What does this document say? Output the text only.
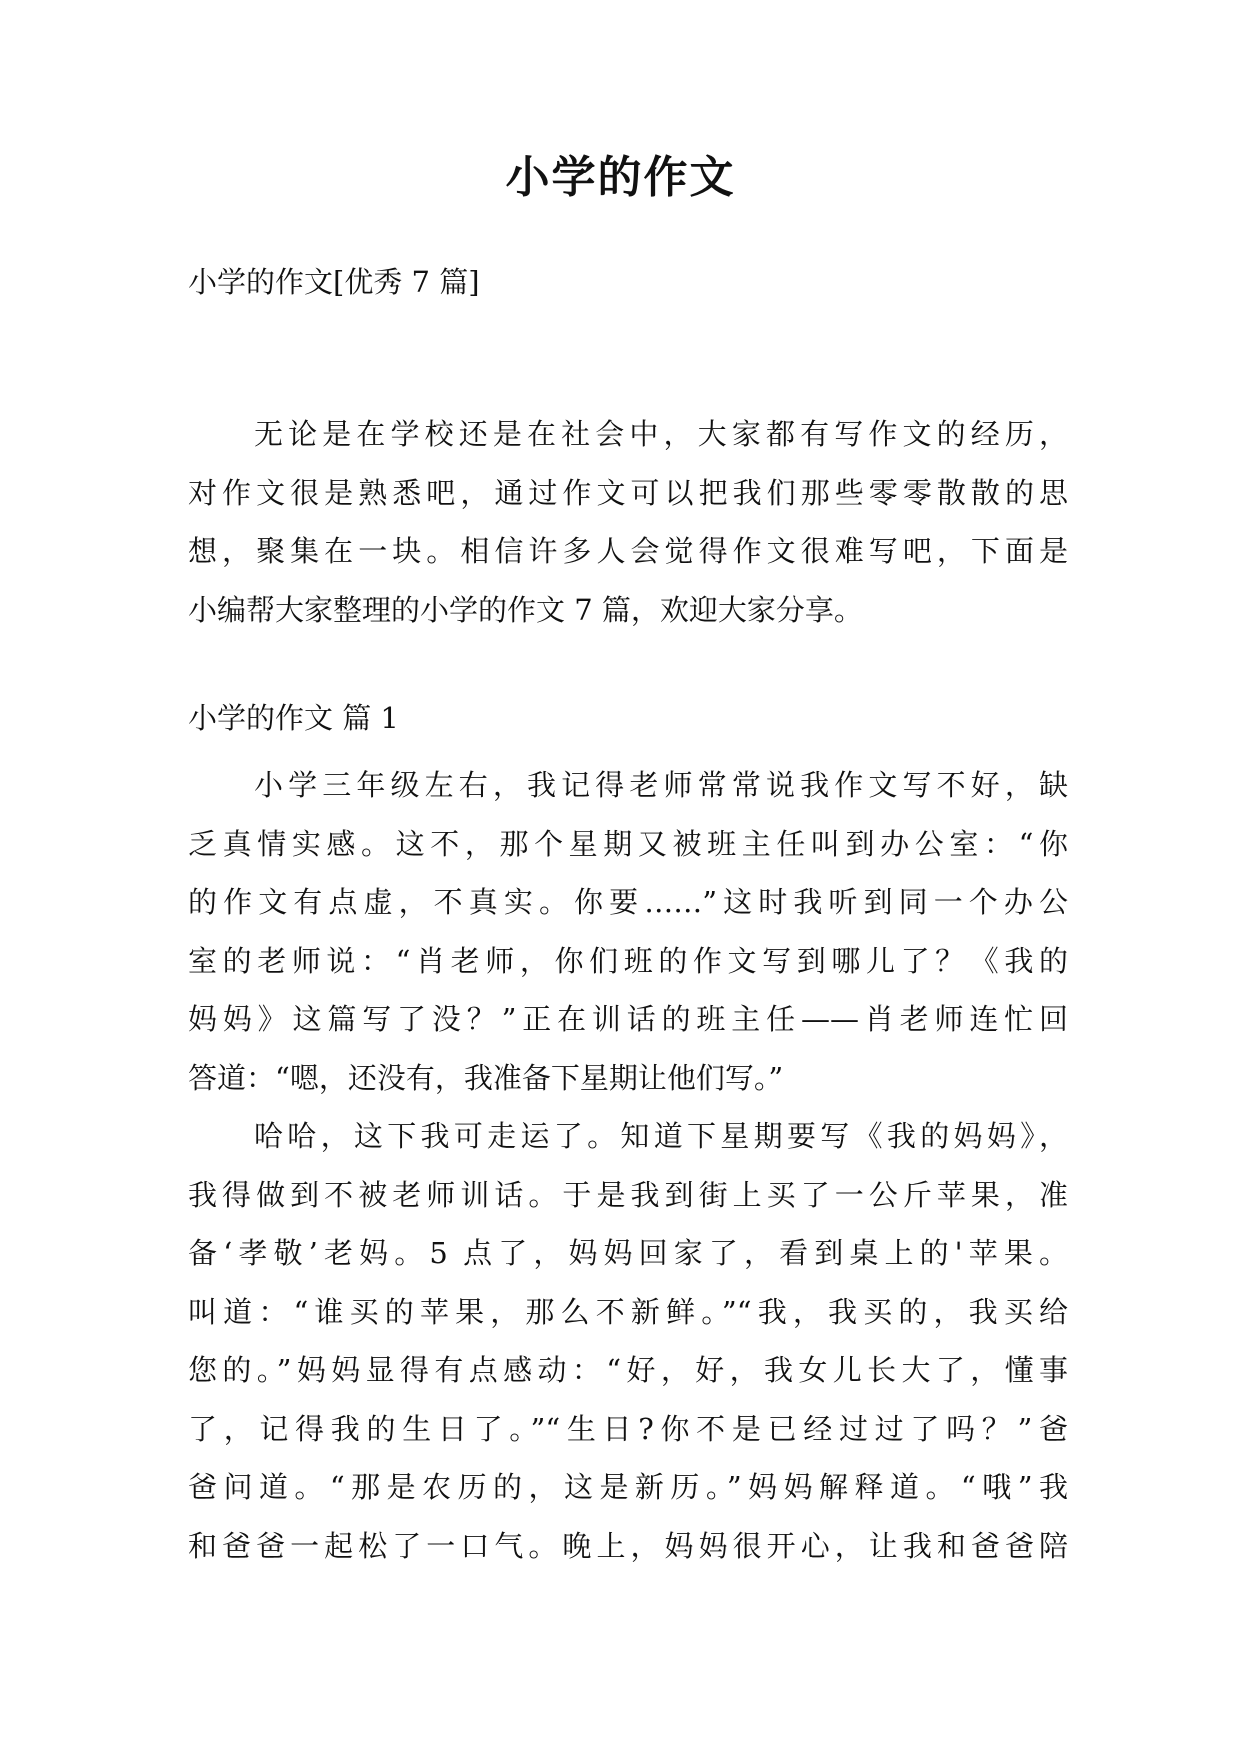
小学的作文
小学的作文[优秀 7 篇]
无论是在学校还是在社会中，大家都有写作文的经历，
对作文很是熟悉吧，通过作文可以把我们那些零零散散的思
想，聚集在一块。相信许多人会觉得作文很难写吧，下面是
小编帮大家整理的小学的作文 7 篇，欢迎大家分享。
小学的作文 篇 1
小学三年级左右，我记得老师常常说我作文写不好，缺
乏真情实感。这不，那个星期又被班主任叫到办公室：“你
的作文有点虚，不真实。你要……”这时我听到同一个办公
室的老师说：“肖老师，你们班的作文写到哪儿了？《我的
妈妈》这篇写了没？”正在训话的班主任——肖老师连忙回
答道：“嗯，还没有，我准备下星期让他们写。”
哈哈，这下我可走运了。知道下星期要写《我的妈妈》，
我得做到不被老师训话。于是我到街上买了一公斤苹果，准
备‘孝敬’老妈。5 点了，妈妈回家了，看到桌上的'苹果。
叫道：“谁买的苹果，那么不新鲜。”“我，我买的，我买给
您的。”妈妈显得有点感动：“好，好，我女儿长大了，懂事
了，记得我的生日了。”“生日?你不是已经过过了吗？”爸
爸问道。“那是农历的，这是新历。”妈妈解释道。“哦”我
和爸爸一起松了一口气。晚上，妈妈很开心，让我和爸爸陪
